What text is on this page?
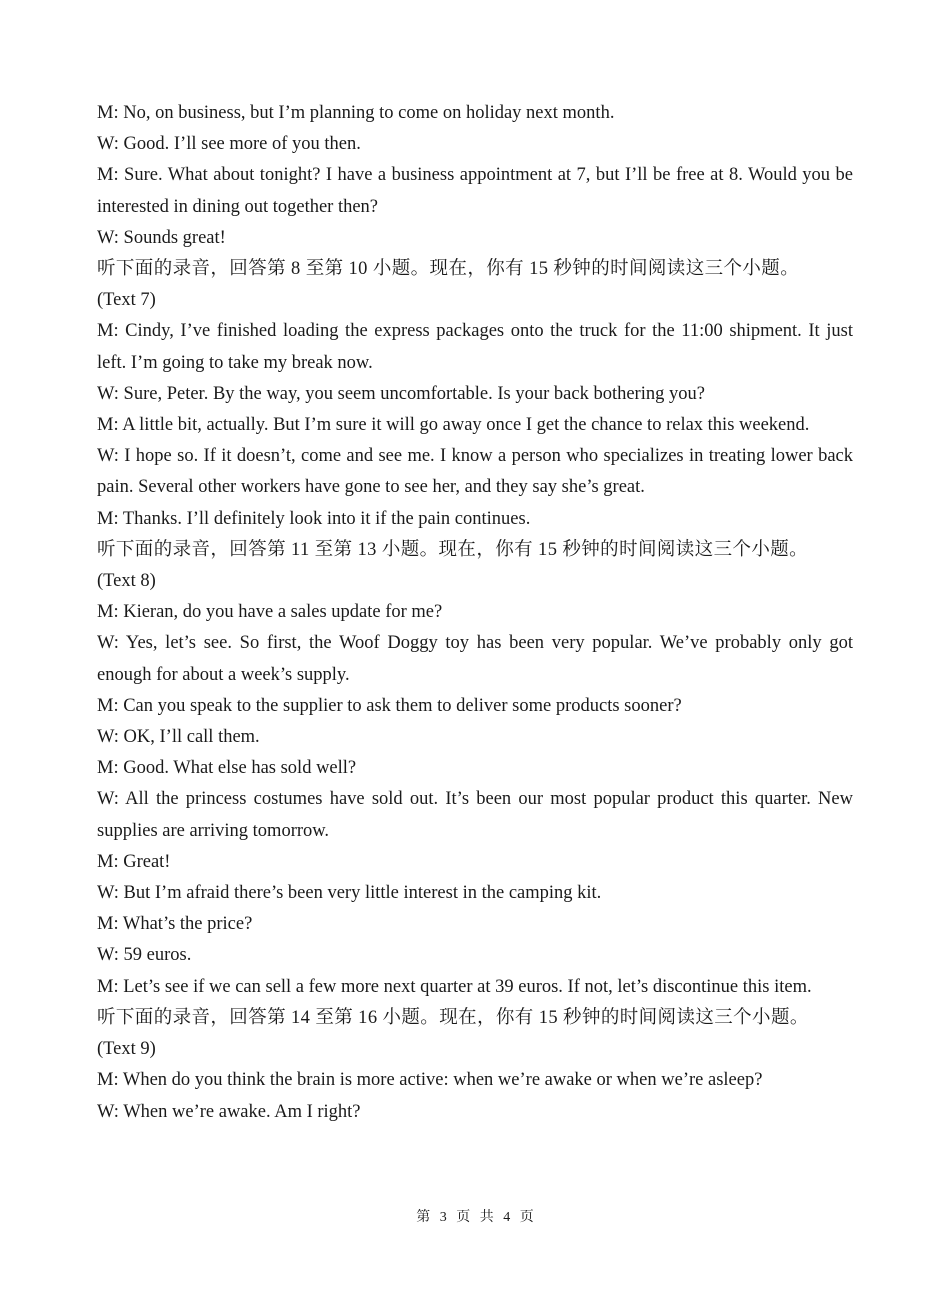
M: No, on business, but I’m planning to come on holiday next month.

W: Good. I’ll see more of you then.

M: Sure. What about tonight? I have a business appointment at 7, but I’ll be free at 8. Would you be interested in dining out together then?

W: Sounds great!

听下面的录音，回答第 8 至第 10 小题。现在，你有 15 秒钟的时间阅读这三个小题。

(Text 7)

M: Cindy, I’ve finished loading the express packages onto the truck for the 11:00 shipment. It just left. I’m going to take my break now.

W: Sure, Peter. By the way, you seem uncomfortable. Is your back bothering you?

M: A little bit, actually. But I’m sure it will go away once I get the chance to relax this weekend.

W: I hope so. If it doesn’t, come and see me. I know a person who specializes in treating lower back pain. Several other workers have gone to see her, and they say she’s great.

M: Thanks. I’ll definitely look into it if the pain continues.

听下面的录音，回答第 11 至第 13 小题。现在，你有 15 秒钟的时间阅读这三个小题。

(Text 8)

M: Kieran, do you have a sales update for me?

W: Yes, let’s see. So first, the Woof Doggy toy has been very popular. We’ve probably only got enough for about a week’s supply.

M: Can you speak to the supplier to ask them to deliver some products sooner?

W: OK, I’ll call them.

M: Good. What else has sold well?

W: All the princess costumes have sold out. It’s been our most popular product this quarter. New supplies are arriving tomorrow.

M: Great!

W: But I’m afraid there’s been very little interest in the camping kit.

M: What’s the price?

W: 59 euros.

M: Let’s see if we can sell a few more next quarter at 39 euros. If not, let’s discontinue this item.

听下面的录音，回答第 14 至第 16 小题。现在，你有 15 秒钟的时间阅读这三个小题。

(Text 9)

M: When do you think the brain is more active: when we’re awake or when we’re asleep?

W: When we’re awake. Am I right?

第 3 页 共 4 页
